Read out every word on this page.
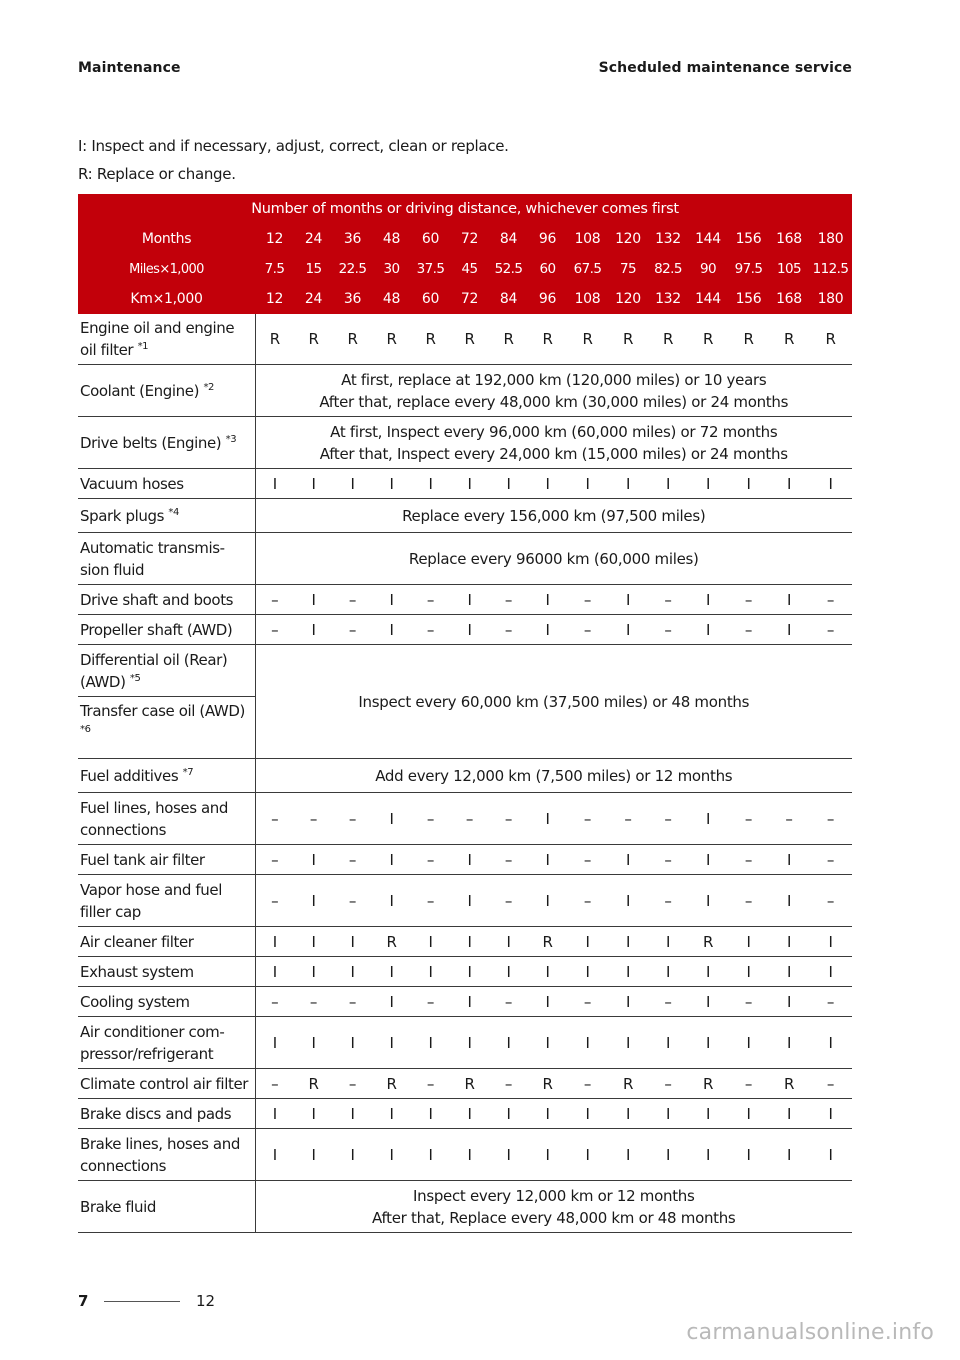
Maintenance	Scheduled maintenance service
I: Inspect and if necessary, adjust, correct, clean or replace.
R: Replace or change.
Number of months or driving distance, whichever comes first															
Months	12	24	36	48	60	72	84	96	108	120	132	144	156	168	180
Miles×1,000	7.5	15	22.5	30	37.5	45	52.5	60	67.5	75	82.5	90	97.5	105	112.5
Km×1,000	12	24	36	48	60	72	84	96	108	120	132	144	156	168	180
Engine oil and engine oil filter $^{*1}$	R	R	R	R	R	R	R	R	R	R	R	R	R	R	R
Coolant (Engine) $^{*2}$	At first, replace at 192,000 km (120,000 miles) or 10 years
After that, replace every 48,000 km (30,000 miles) or 24 months														

Drive belts (Engine) $^{*3}$	At first, Inspect every 96,000 km (60,000 miles) or 72 months
After that, Inspect every 24,000 km (15,000 miles) or 24 months														

Vacuum hoses	I	I	I	I	I	I	I	I	I	I	I	I	I	I	I
Spark plugs $^{*4}$	Replace every 156,000 km (97,500 miles)														

Automatic transmis-sion fluid	Replace every 96000 km (60,000 miles)														

Drive shaft and boots	–	I	–	I	–	I	–	I	–	I	–	I	–	I	–
Propeller shaft (AWD)	–	I	–	I	–	I	–	I	–	I	–	I	–	I	–
Differential oil (Rear) (AWD) $^{*5}$	Inspect every 60,000 km (37,500 miles) or 48 months														

Transfer case oil (AWD) $^{*6}$
Fuel additives $^{*7}$	Add every 12,000 km (7,500 miles) or 12 months														

Fuel lines, hoses and connections	–	–	–	I	–	–	–	I	–	–	–	I	–	–	–
Fuel tank air filter	–	I	–	I	–	I	–	I	–	I	–	I	–	I	–
Vapor hose and fuel filler cap	–	I	–	I	–	I	–	I	–	I	–	I	–	I	–
Air cleaner filter	I	I	I	R	I	I	I	R	I	I	I	R	I	I	I
Exhaust system	I	I	I	I	I	I	I	I	I	I	I	I	I	I	I
Cooling system	–	–	–	I	–	I	–	I	–	I	–	I	–	I	–
Air conditioner com-pressor/refrigerant	I	I	I	I	I	I	I	I	I	I	I	I	I	I	I
Climate control air filter	–	R	–	R	–	R	–	R	–	R	–	R	–	R	–
Brake discs and pads	I	I	I	I	I	I	I	I	I	I	I	I	I	I	I
Brake lines, hoses and connections	I	I	I	I	I	I	I	I	I	I	I	I	I	I	I
Brake fluid	Inspect every 12,000 km or 12 months
After that, Replace every 48,000 km or 48 months														
7	12
carmanualsonline.info
